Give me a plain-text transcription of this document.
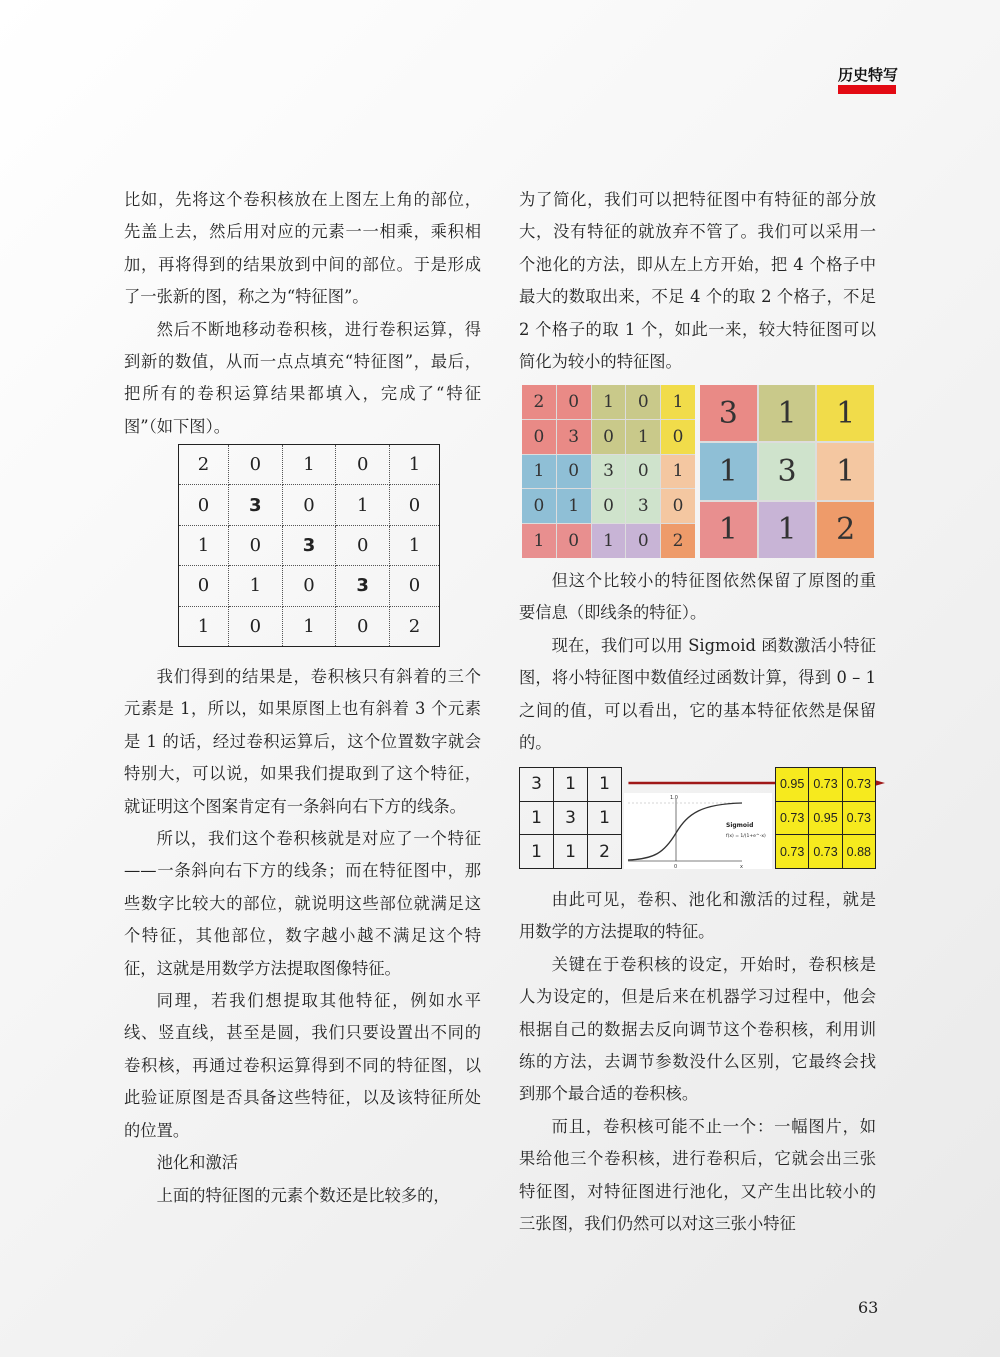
历史特写

比如，先将这个卷积核放在上图左上角的部位，先盖上去，然后用对应的元素一一相乘，乘积相加，再将得到的结果放到中间的部位。于是形成了一张新的图，称之为“特征图”。

然后不断地移动卷积核，进行卷积运算，得到新的数值，从而一点点填充“特征图”，最后，把所有的卷积运算结果都填入，完成了“特征图”（如下图）。

2	0	1	0	1
0	3	0	1	0
1	0	3	0	1
0	1	0	3	0
1	0	1	0	2

我们得到的结果是，卷积核只有斜着的三个元素是 1，所以，如果原图上也有斜着 3 个元素是 1 的话，经过卷积运算后，这个位置数字就会特别大，可以说，如果我们提取到了这个特征，就证明这个图案肯定有一条斜向右下方的线条。

所以，我们这个卷积核就是对应了一个特征——一条斜向右下方的线条；而在特征图中，那些数字比较大的部位，就说明这些部位就满足这个特征，其他部位，数字越小越不满足这个特征，这就是用数学方法提取图像特征。

同理，若我们想提取其他特征，例如水平线、竖直线，甚至是圆，我们只要设置出不同的卷积核，再通过卷积运算得到不同的特征图，以此验证原图是否具备这些特征，以及该特征所处的位置。

池化和激活

上面的特征图的元素个数还是比较多的，

为了简化，我们可以把特征图中有特征的部分放大，没有特征的就放弃不管了。我们可以采用一个池化的方法，即从左上方开始，把 4 个格子中最大的数取出来，不足 4 个的取 2 个格子，不足 2 个格子的取 1 个，如此一来，较大特征图可以简化为较小的特征图。

2	0	1	0	1
0	3	0	1	0
1	0	3	0	1
0	1	0	3	0
1	0	1	0	2
3	1	1
1	3	1
1	1	2

但这个比较小的特征图依然保留了原图的重要信息（即线条的特征）。

现在，我们可以用 Sigmoid 函数激活小特征图，将小特征图中数值经过函数计算，得到 0 – 1 之间的值，可以看出，它的基本特征依然是保留的。

3	1	1
1	3	1
1	1	2
1.0
0	x
Sigmoid
f(x) = 1/(1+e^-x)
0.95	0.73	0.73
0.73	0.95	0.73
0.73	0.73	0.88

由此可见，卷积、池化和激活的过程，就是用数学的方法提取的特征。

关键在于卷积核的设定，开始时，卷积核是人为设定的，但是后来在机器学习过程中，他会根据自己的数据去反向调节这个卷积核，利用训练的方法，去调节参数没什么区别，它最终会找到那个最合适的卷积核。

而且，卷积核可能不止一个：一幅图片，如果给他三个卷积核，进行卷积后，它就会出三张特征图，对特征图进行池化，又产生出比较小的三张图，我们仍然可以对这三张小特征

63
